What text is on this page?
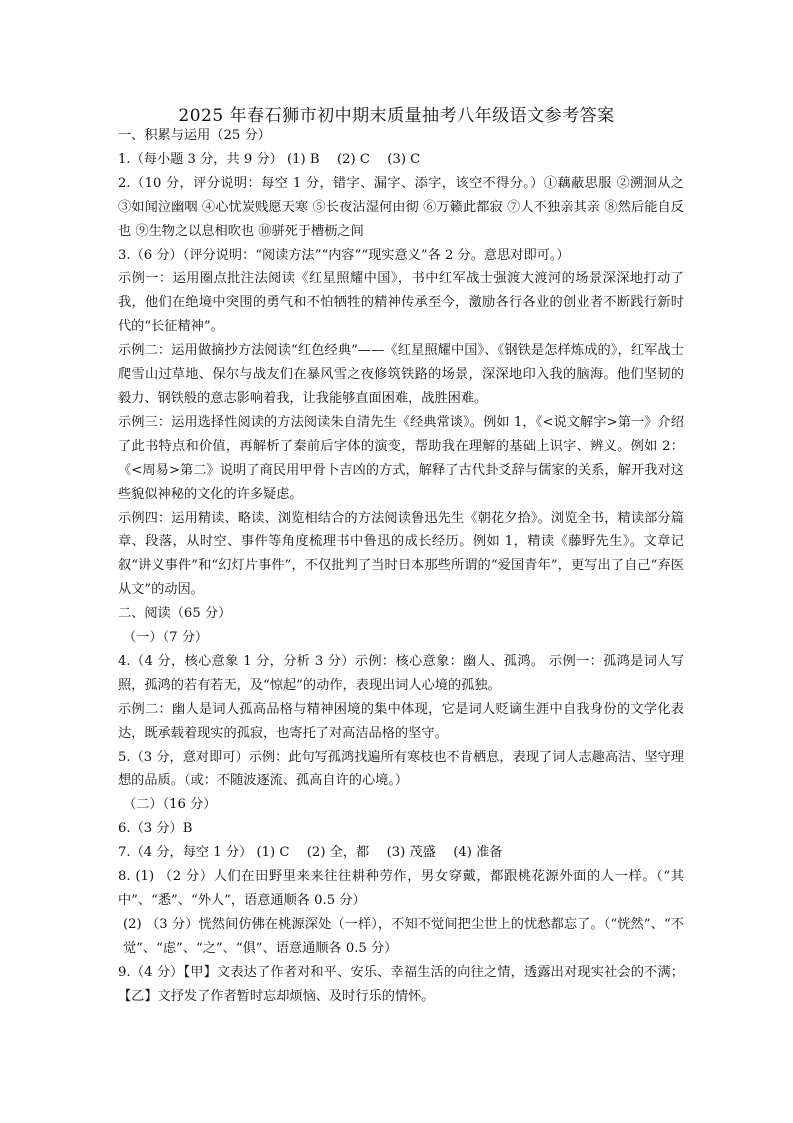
2025 年春石狮市初中期末质量抽考八年级语文参考答案

一、积累与运用（25 分）

1.（每小题 3 分，共 9 分） (1) B　 (2) C　 (3) C

2.（10 分，评分说明：每空 1 分，错字、漏字、添字，该空不得分。）①藕蔽思服 ②溯洄从之 ③如闻泣幽咽 ④心忧炭贱愿天寒 ⑤长夜沾湿何由彻 ⑥万籁此都寂 ⑦人不独亲其亲 ⑧然后能自反也 ⑨生物之以息相吹也 ⑩骈死于槽枥之间

3.（6 分）（评分说明：“阅读方法”“内容”“现实意义”各 2 分。意思对即可。）

示例一：运用圈点批注法阅读《红星照耀中国》，书中红军战士强渡大渡河的场景深深地打动了我，他们在绝境中突围的勇气和不怕牺牲的精神传承至今，激励各行各业的创业者不断践行新时代的“长征精神”。

示例二：运用做摘抄方法阅读“红色经典”——《红星照耀中国》、《钢铁是怎样炼成的》，红军战士爬雪山过草地、保尔与战友们在暴风雪之夜修筑铁路的场景，深深地印入我的脑海。他们坚韧的毅力、钢铁般的意志影响着我，让我能够直面困难，战胜困难。

示例三：运用选择性阅读的方法阅读朱自清先生《经典常谈》。例如 1，《<说文解字>第一》介绍了此书特点和价值，再解析了秦前后字体的演变，帮助我在理解的基础上识字、辨义。例如 2：《<周易>第二》说明了商民用甲骨卜吉凶的方式，解释了古代卦爻辞与儒家的关系，解开我对这些貌似神秘的文化的许多疑虑。

示例四：运用精读、略读、浏览相结合的方法阅读鲁迅先生《朝花夕拾》。浏览全书，精读部分篇章、段落，从时空、事件等角度梳理书中鲁迅的成长经历。例如 1，精读《藤野先生》。文章记叙“讲义事件”和“幻灯片事件”，不仅批判了当时日本那些所谓的“爱国青年”，更写出了自己“弃医从文”的动因。

二、阅读（65 分）

（一）（7 分）

4.（4 分，核心意象 1 分，分析 3 分）示例：核心意象：幽人、孤鸿。 示例一：孤鸿是词人写照，孤鸿的若有若无，及“惊起”的动作，表现出词人心境的孤独。

示例二：幽人是词人孤高品格与精神困境的集中体现，它是词人贬谪生涯中自我身份的文学化表达，既承载着现实的孤寂，也寄托了对高洁品格的坚守。

5.（3 分，意对即可）示例：此句写孤鸿找遍所有寒枝也不肯栖息，表现了词人志趣高洁、坚守理想的品质。（或：不随波逐流、孤高自许的心境。）

（二）（16 分）

6.（3 分）B

7.（4 分，每空 1 分） (1) C　 (2) 全，都　 (3) 茂盛　 (4) 准备

8. (1) （2 分）人们在田野里来来往往耕种劳作，男女穿戴，都跟桃花源外面的人一样。（“其中”、“悉”、“外人”，语意通顺各 0.5 分）

(2) （3 分）恍然间仿佛在桃源深处（一样），不知不觉间把尘世上的忧愁都忘了。（“恍然”、“不觉”、“虑”、“之”、“俱”、语意通顺各 0.5 分）

9.（4 分）【甲】文表达了作者对和平、安乐、幸福生活的向往之情，透露出对现实社会的不满；【乙】文抒发了作者暂时忘却烦恼、及时行乐的情怀。
